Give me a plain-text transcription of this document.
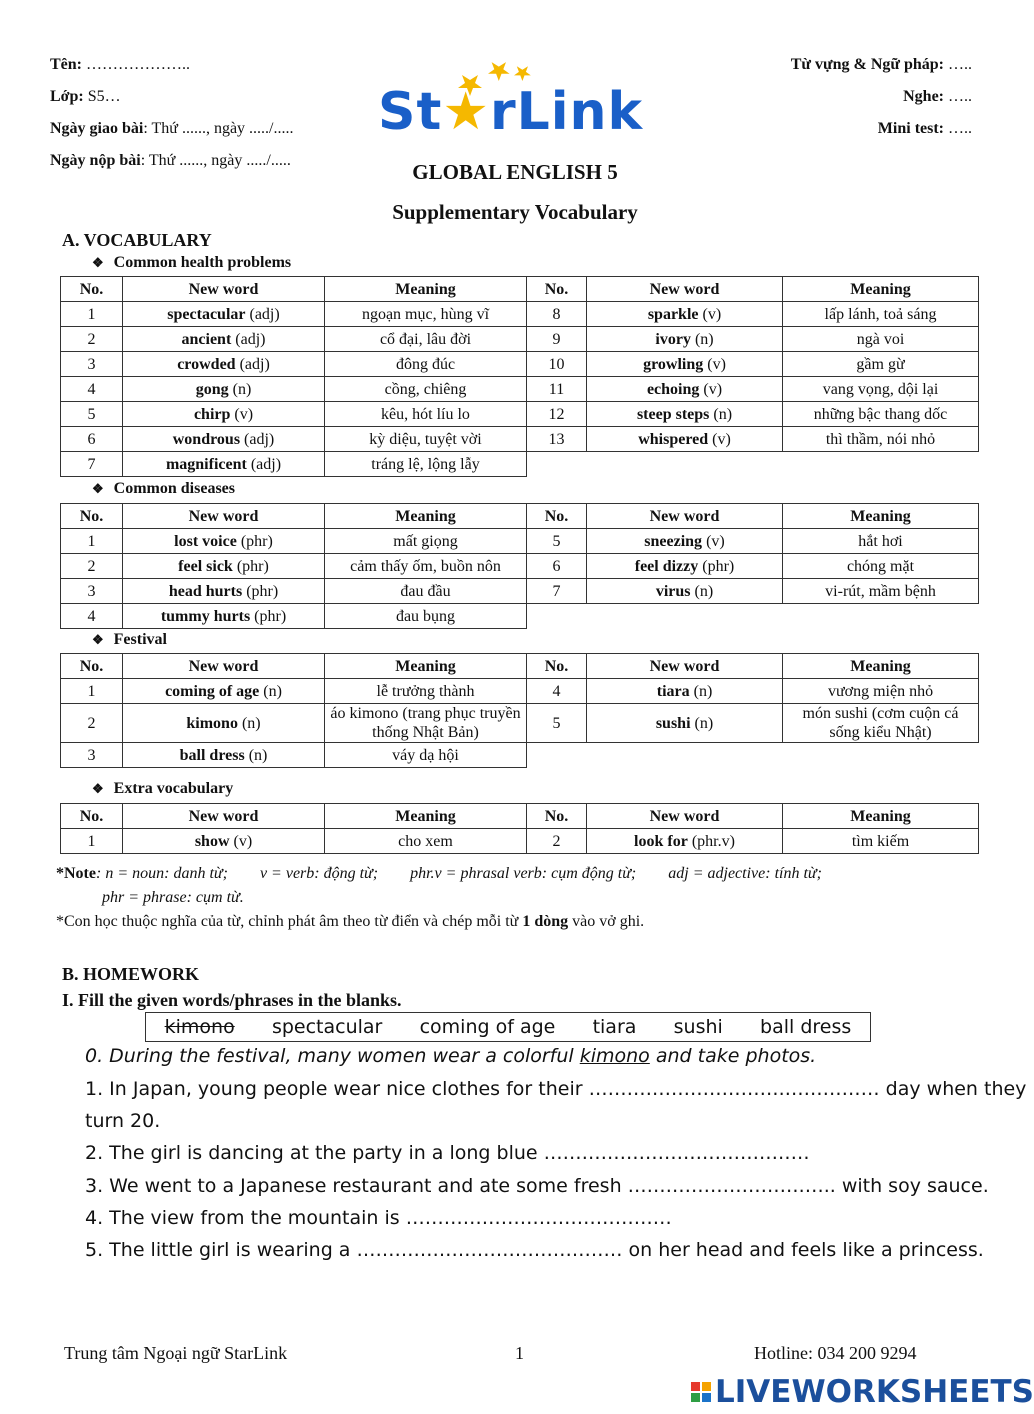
Tên: ………………..
Lớp: S5…
Ngày giao bài: Thứ ......, ngày ...../.....
Ngày nộp bài: Thứ ......, ngày ...../.....
Từ vựng & Ngữ pháp: …..
Nghe: …..
Mini test: …..
St★rLink
GLOBAL ENGLISH 5
Supplementary Vocabulary
A. VOCABULARY
❖ Common health problems
No.	New word	Meaning	No.	New word	Meaning
1	spectacular (adj)	ngoạn mục, hùng vĩ	8	sparkle (v)	lấp lánh, toả sáng
2	ancient (adj)	cổ đại, lâu đời	9	ivory (n)	ngà voi
3	crowded (adj)	đông đúc	10	growling (v)	gầm gừ
4	gong (n)	cồng, chiêng	11	echoing (v)	vang vọng, dội lại
5	chirp (v)	kêu, hót líu lo	12	steep steps (n)	những bậc thang dốc
6	wondrous (adj)	kỳ diệu, tuyệt vời	13	whispered (v)	thì thầm, nói nhỏ
7	magnificent (adj)	tráng lệ, lộng lẫy			
❖ Common diseases
No.	New word	Meaning	No.	New word	Meaning
1	lost voice (phr)	mất giọng	5	sneezing (v)	hắt hơi
2	feel sick (phr)	cảm thấy ốm, buồn nôn	6	feel dizzy (phr)	chóng mặt
3	head hurts (phr)	đau đầu	7	virus (n)	vi-rút, mầm bệnh
4	tummy hurts (phr)	đau bụng			
❖ Festival
No.	New word	Meaning	No.	New word	Meaning
1	coming of age (n)	lễ trưởng thành	4	tiara (n)	vương miện nhỏ
2	kimono (n)	áo kimono (trang phục truyền thống Nhật Bản)	5	sushi (n)	món sushi (cơm cuộn cá sống kiểu Nhật)
3	ball dress (n)	váy dạ hội			
❖ Extra vocabulary
No.	New word	Meaning	No.	New word	Meaning
1	show (v)	cho xem	2	look for (phr.v)	tìm kiếm
*Note: n = noun: danh từ;        v = verb: động từ;        phr.v = phrasal verb: cụm động từ;        adj = adjective: tính từ;
phr = phrase: cụm từ.
*Con học thuộc nghĩa của từ, chỉnh phát âm theo từ điển và chép mỗi từ 1 dòng vào vở ghi.
B. HOMEWORK
I. Fill the given words/phrases in the blanks.
kimono spectacular coming of age tiara sushi ball dress
0. During the festival, many women wear a colorful kimono and take photos.
1. In Japan, young people wear nice clothes for their ………………………….…………… day when they
turn 20.
2. The girl is dancing at the party in a long blue ……………………………………
3. We went to a Japanese restaurant and ate some fresh ……………………….….. with soy sauce.
4. The view from the mountain is ……………………………………
5. The little girl is wearing a …………………………………… on her head and feels like a princess.
Trung tâm Ngoại ngữ StarLink	1	Hotline: 034 200 9294
LIVEWORKSHEETS
